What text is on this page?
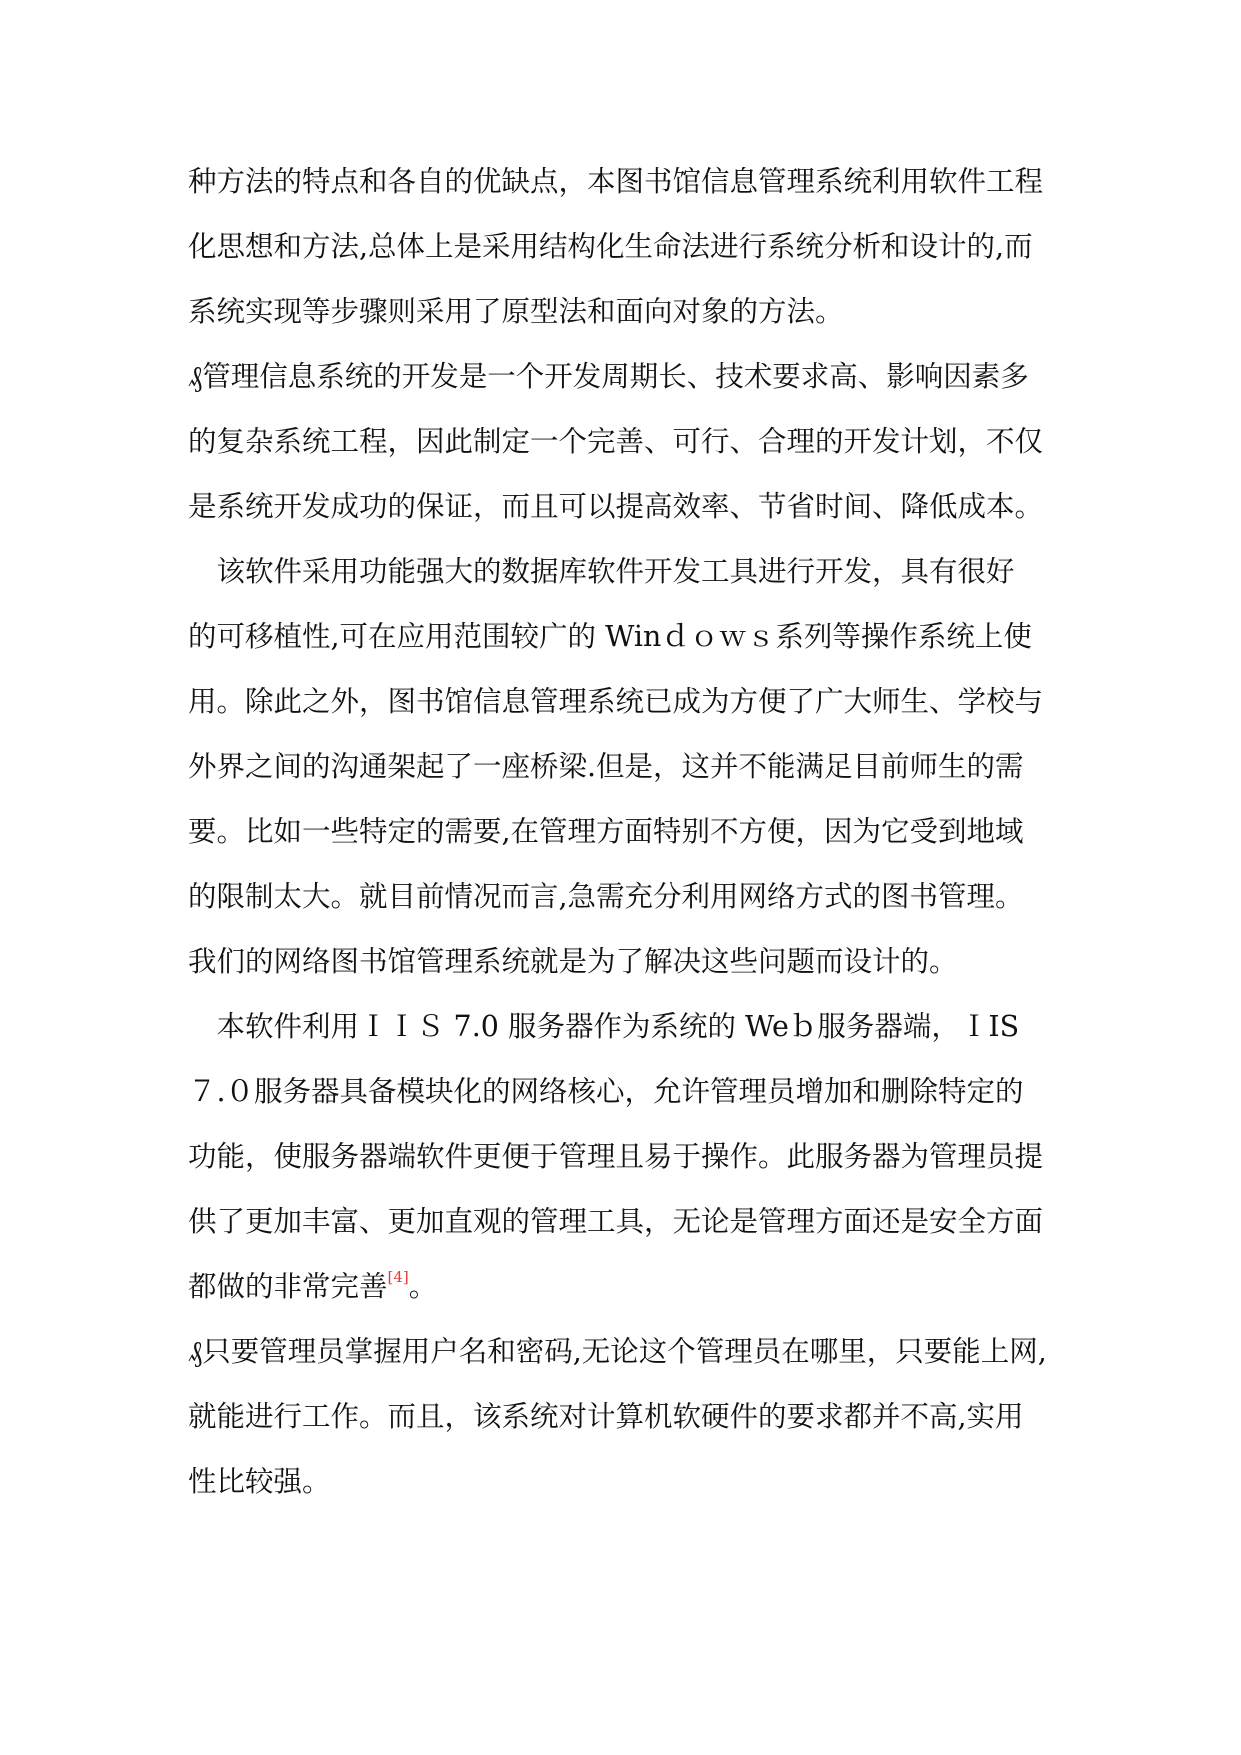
种方法的特点和各自的优缺点，本图书馆信息管理系统利用软件工程
化思想和方法,总体上是采用结构化生命法进行系统分析和设计的,而
系统实现等步骤则采用了原型法和面向对象的方法。
₰管理信息系统的开发是一个开发周期长、技术要求高、影响因素多
的复杂系统工程，因此制定一个完善、可行、合理的开发计划，不仅
是系统开发成功的保证，而且可以提高效率、节省时间、降低成本。
　该软件采用功能强大的数据库软件开发工具进行开发，具有很好
的可移植性,可在应用范围较广的 Winｄｏｗｓ系列等操作系统上使
用。除此之外，图书馆信息管理系统已成为方便了广大师生、学校与
外界之间的沟通架起了一座桥梁.但是，这并不能满足目前师生的需
要。比如一些特定的需要,在管理方面特别不方便，因为它受到地域
的限制太大。就目前情况而言,急需充分利用网络方式的图书管理。
我们的网络图书馆管理系统就是为了解决这些问题而设计的。
　本软件利用ＩＩＳ 7.0 服务器作为系统的 Weｂ服务器端，ＩIS
７.０服务器具备模块化的网络核心，允许管理员增加和删除特定的
功能，使服务器端软件更便于管理且易于操作。此服务器为管理员提
供了更加丰富、更加直观的管理工具，无论是管理方面还是安全方面
都做的非常完善[4]。
₰只要管理员掌握用户名和密码,无论这个管理员在哪里，只要能上网,
就能进行工作。而且，该系统对计算机软硬件的要求都并不高,实用
性比较强。
